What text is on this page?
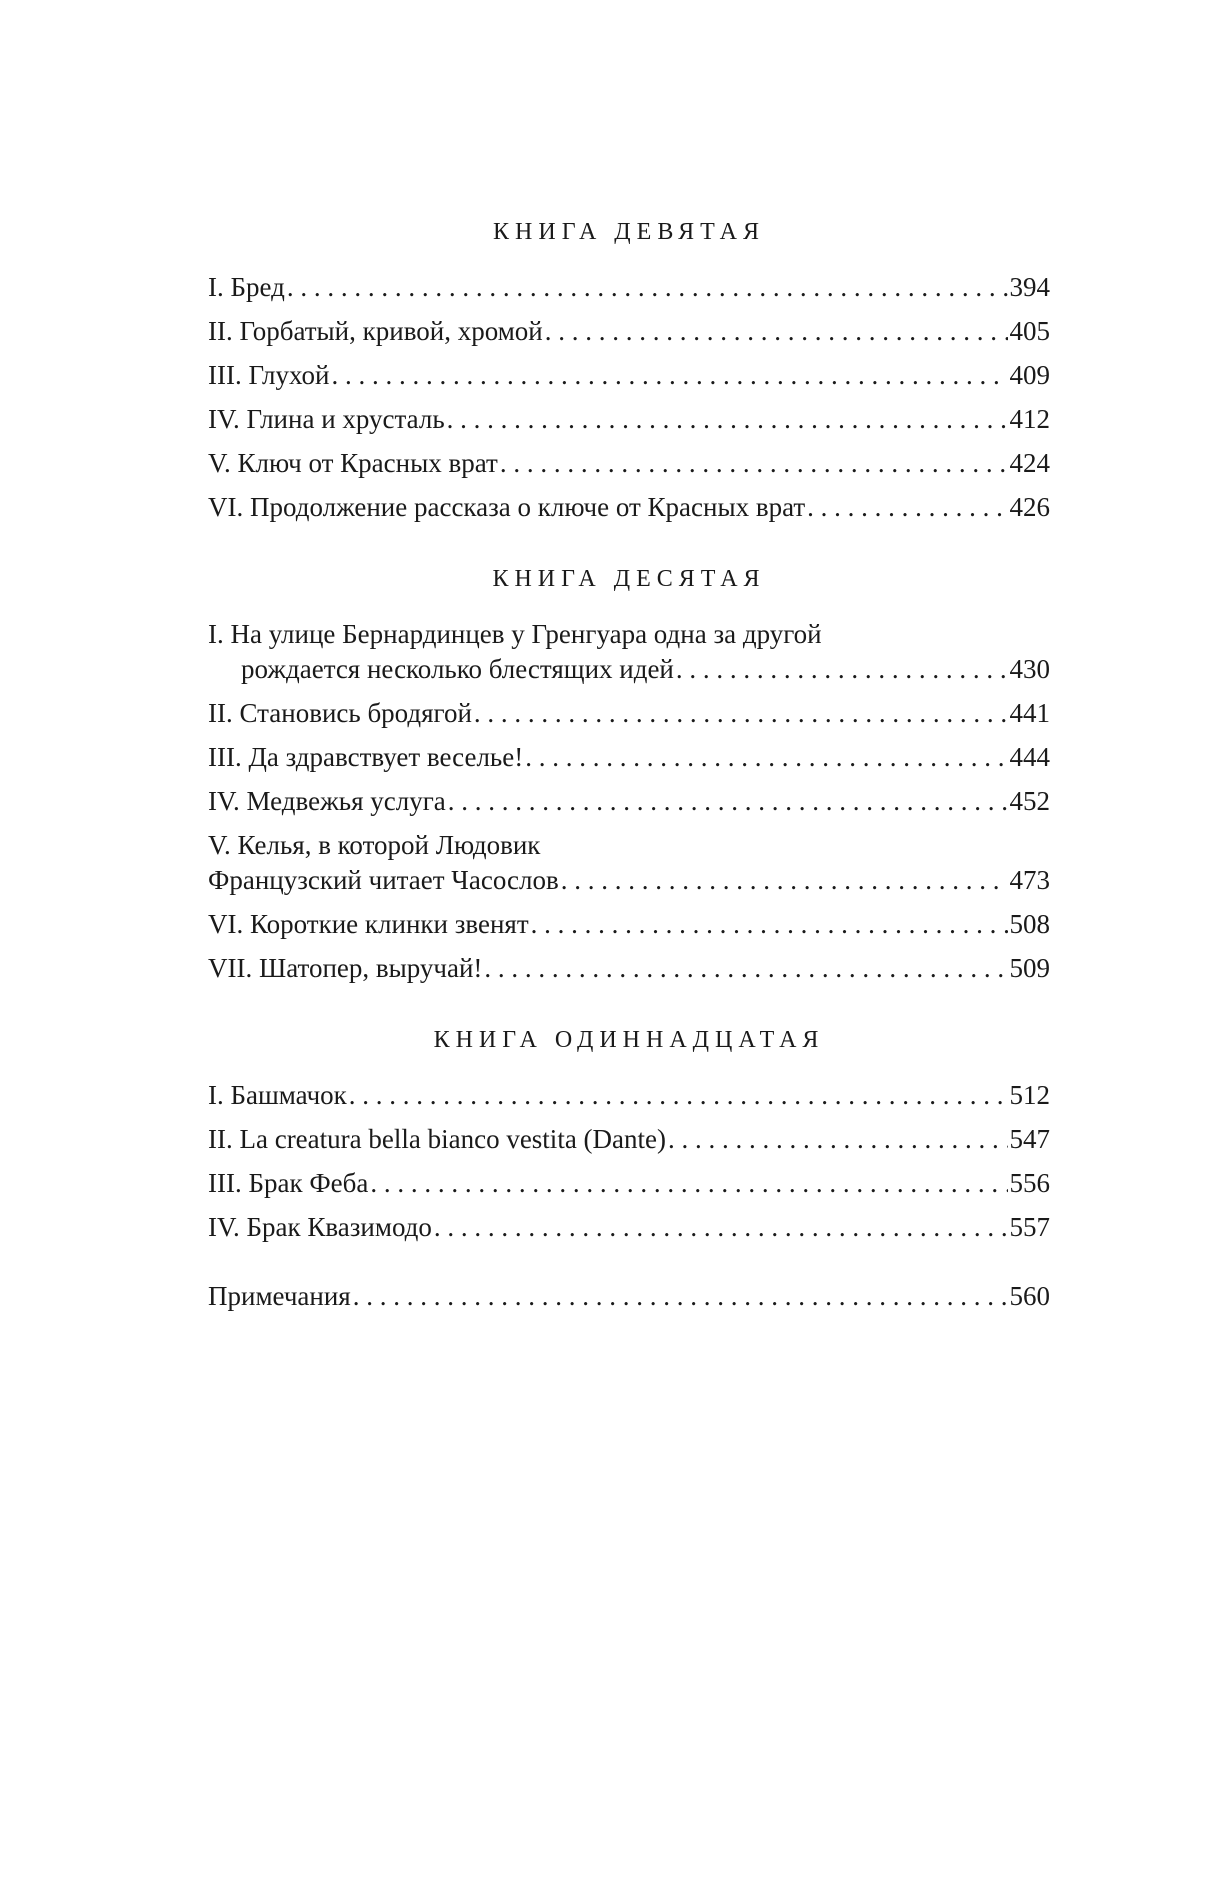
КНИГА ДЕВЯТАЯ
I. Бред . . .	394
II. Горбатый, кривой, хромой . . .	405
III. Глухой . . .	409
IV. Глина и хрусталь . . .	412
V. Ключ от Красных врат . . .	424
VI. Продолжение рассказа о ключе от Красных врат . . .	426
КНИГА ДЕСЯТАЯ
I. На улице Бернардинцев у Гренгуара одна за другой
рождается несколько блестящих идей . . .	430
II. Становись бродягой . . .	441
III. Да здравствует веселье! . . .	444
IV. Медвежья услуга . . .	452
V. Келья, в которой Людовик
Французский читает Часослов . . .	473
VI. Короткие клинки звенят . . .	508
VII. Шатопер, выручай! . . .	509
КНИГА ОДИННАДЦАТАЯ
I. Башмачок . . .	512
II. La creatura bella bianco vestita (Dante) . . .	547
III. Брак Феба . . .	556
IV. Брак Квазимодо . . .	557
Примечания . . .	560
